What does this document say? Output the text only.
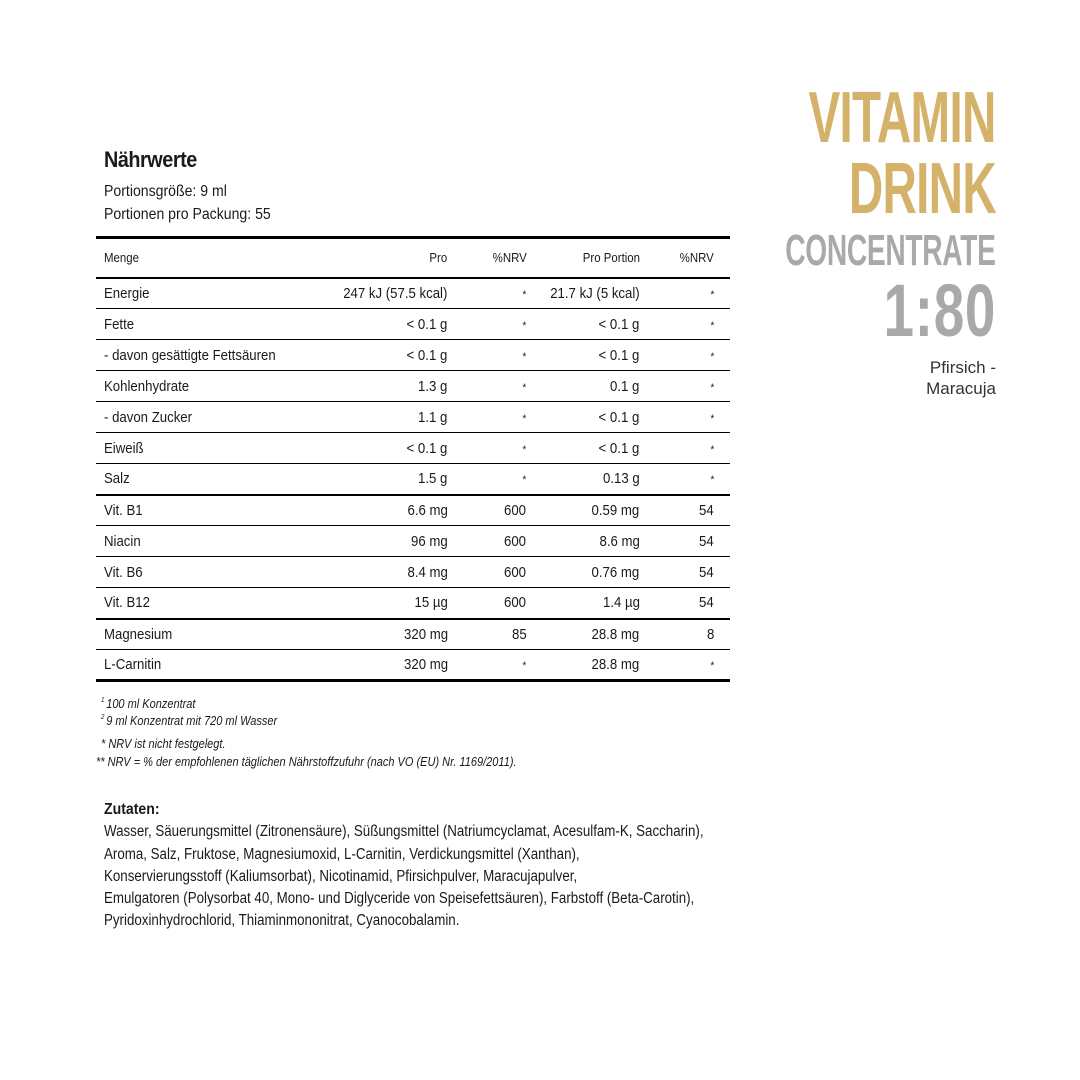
Nährwerte
Portionsgröße: 9 ml
Portionen pro Packung: 55
Menge	Pro	%NRV	Pro Portion	%NRV
Energie	247 kJ (57.5 kcal)	*	21.7 kJ (5 kcal)	*
Fette	< 0.1 g	*	< 0.1 g	*
- davon gesättigte Fettsäuren	< 0.1 g	*	< 0.1 g	*
Kohlenhydrate	1.3 g	*	0.1 g	*
- davon Zucker	1.1 g	*	< 0.1 g	*
Eiweiß	< 0.1 g	*	< 0.1 g	*
Salz	1.5 g	*	0.13 g	*
Vit. B1	6.6 mg	600	0.59 mg	54
Niacin	96 mg	600	8.6 mg	54
Vit. B6	8.4 mg	600	0.76 mg	54
Vit. B12	15 µg	600	1.4 µg	54
Magnesium	320 mg	85	28.8 mg	8
L-Carnitin	320 mg	*	28.8 mg	*
$^1$ 100 ml Konzentrat
$^2$ 9 ml Konzentrat mit 720 ml Wasser
* NRV ist nicht festgelegt.
** NRV = % der empfohlenen täglichen Nährstoffzufuhr (nach VO (EU) Nr. 1169/2011).
Zutaten:
Wasser, Säuerungsmittel (Zitronensäure), Süßungsmittel (Natriumcyclamat, Acesulfam-K, Saccharin),
Aroma, Salz, Fruktose, Magnesiumoxid, L-Carnitin, Verdickungsmittel (Xanthan),
Konservierungsstoff (Kaliumsorbat), Nicotinamid, Pfirsichpulver, Maracujapulver,
Emulgatoren (Polysorbat 40, Mono- und Diglyceride von Speisefettsäuren), Farbstoff (Beta-Carotin),
Pyridoxinhydrochlorid, Thiaminmononitrat, Cyanocobalamin.
VITAMIN
DRINK
CONCENTRATE
1:80
Pfirsich -
Maracuja
